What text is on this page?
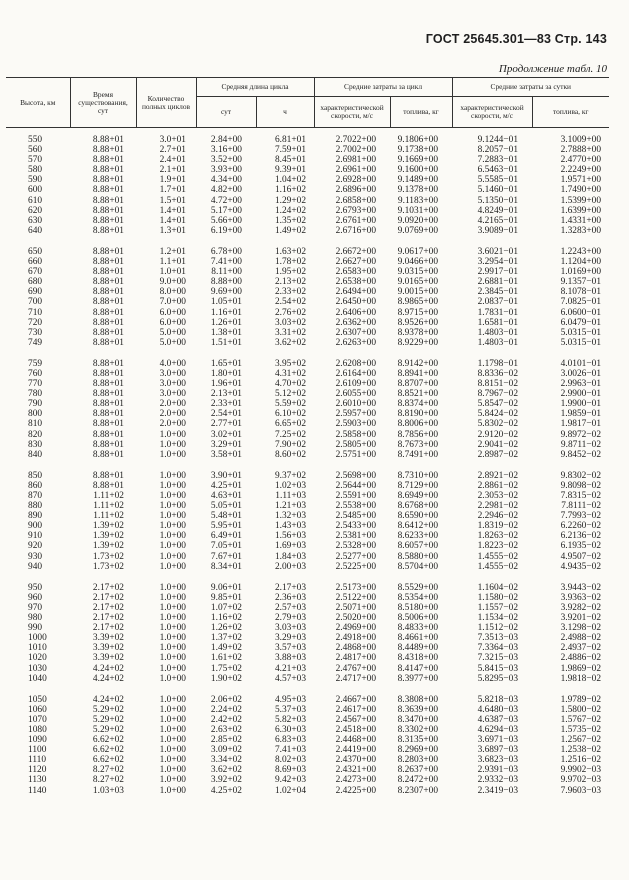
ГОСТ 25645.301—83 Стр. 143
Продолжение табл. 10
Высота, км	Время существования, сут	Количество полных циклов	Средняя длина цикла		Средние затраты за цикл		Средние затраты за сутки	
			сут	ч	характеристической скорости, м/с	топлива, кг	характеристической скорости, м/с	топлива, кг

550	8.88+01	3.0+01	2.84+00	6.81+01	2.7022+00	9.1806+00	9.1244−01	3.1009+00
560	8.88+01	2.7+01	3.16+00	7.59+01	2.7002+00	9.1738+00	8.2057−01	2.7888+00
570	8.88+01	2.4+01	3.52+00	8.45+01	2.6981+00	9.1669+00	7.2883−01	2.4770+00
580	8.88+01	2.1+01	3.93+00	9.39+01	2.6961+00	9.1600+00	6.5463−01	2.2249+00
590	8.88+01	1.9+01	4.34+00	1.04+02	2.6928+00	9.1489+00	5.5585−01	1.9571+00
600	8.88+01	1.7+01	4.82+00	1.16+02	2.6896+00	9.1378+00	5.1460−01	1.7490+00
610	8.88+01	1.5+01	4.72+00	1.29+02	2.6858+00	9.1183+00	5.1350−01	1.5399+00
620	8.88+01	1.4+01	5.17+00	1.24+02	2.6793+00	9.1031+00	4.8249−01	1.6399+00
630	8.88+01	1.4+01	5.66+00	1.35+02	2.6761+00	9.0920+00	4.2165−01	1.4331+00
640	8.88+01	1.3+01	6.19+00	1.49+02	2.6716+00	9.0769+00	3.9089−01	1.3283+00

650	8.88+01	1.2+01	6.78+00	1.63+02	2.6672+00	9.0617+00	3.6021−01	1.2243+00
660	8.88+01	1.1+01	7.41+00	1.78+02	2.6627+00	9.0466+00	3.2954−01	1.1204+00
670	8.88+01	1.0+01	8.11+00	1.95+02	2.6583+00	9.0315+00	2.9917−01	1.0169+00
680	8.88+01	9.0+00	8.88+00	2.13+02	2.6538+00	9.0165+00	2.6881−01	9.1357−01
690	8.88+01	8.0+00	9.69+00	2.33+02	2.6494+00	9.0015+00	2.3845−01	8.1078−01
700	8.88+01	7.0+00	1.05+01	2.54+02	2.6450+00	8.9865+00	2.0837−01	7.0825−01
710	8.88+01	6.0+00	1.16+01	2.76+02	2.6406+00	8.9715+00	1.7831−01	6.0600−01
720	8.88+01	6.0+00	1.26+01	3.03+02	2.6362+00	8.9526+00	1.6581−01	6.0479−01
730	8.88+01	5.0+00	1.38+01	3.31+02	2.6307+00	8.9378+00	1.4803−01	5.0315−01
749	8.88+01	5.0+00	1.51+01	3.62+02	2.6263+00	8.9229+00	1.4803−01	5.0315−01

759	8.88+01	4.0+00	1.65+01	3.95+02	2.6208+00	8.9142+00	1.1798−01	4.0101−01
760	8.88+01	3.0+00	1.80+01	4.31+02	2.6164+00	8.8941+00	8.8336−02	3.0026−01
770	8.88+01	3.0+00	1.96+01	4.70+02	2.6109+00	8.8707+00	8.8151−02	2.9963−01
780	8.88+01	3.0+00	2.13+01	5.12+02	2.6055+00	8.8521+00	8.7967−02	2.9900−01
790	8.88+01	2.0+00	2.33+01	5.59+02	2.6010+00	8.8374+00	5.8547−02	1.9900−01
800	8.88+01	2.0+00	2.54+01	6.10+02	2.5957+00	8.8190+00	5.8424−02	1.9859−01
810	8.88+01	2.0+00	2.77+01	6.65+02	2.5903+00	8.8006+00	5.8302−02	1.9817−01
820	8.88+01	1.0+00	3.02+01	7.25+02	2.5858+00	8.7856+00	2.9120−02	9.8972−02
830	8.88+01	1.0+00	3.29+01	7.90+02	2.5805+00	8.7673+00	2.9041−02	9.8711−02
840	8.88+01	1.0+00	3.58+01	8.60+02	2.5751+00	8.7491+00	2.8987−02	9.8452−02

850	8.88+01	1.0+00	3.90+01	9.37+02	2.5698+00	8.7310+00	2.8921−02	9.8302−02
860	8.88+01	1.0+00	4.25+01	1.02+03	2.5644+00	8.7129+00	2.8861−02	9.8098−02
870	1.11+02	1.0+00	4.63+01	1.11+03	2.5591+00	8.6949+00	2.3053−02	7.8315−02
880	1.11+02	1.0+00	5.05+01	1.21+03	2.5538+00	8.6768+00	2.2981−02	7.8111−02
890	1.11+02	1.0+00	5.48+01	1.32+03	2.5485+00	8.6590+00	2.2946−02	7.7993−02
900	1.39+02	1.0+00	5.95+01	1.43+03	2.5433+00	8.6412+00	1.8319−02	6.2260−02
910	1.39+02	1.0+00	6.49+01	1.56+03	2.5381+00	8.6233+00	1.8263−02	6.2136−02
920	1.39+02	1.0+00	7.05+01	1.69+03	2.5328+00	8.6057+00	1.8223−02	6.1935−02
930	1.73+02	1.0+00	7.67+01	1.84+03	2.5277+00	8.5880+00	1.4555−02	4.9507−02
940	1.73+02	1.0+00	8.34+01	2.00+03	2.5225+00	8.5704+00	1.4555−02	4.9435−02

950	2.17+02	1.0+00	9.06+01	2.17+03	2.5173+00	8.5529+00	1.1604−02	3.9443−02
960	2.17+02	1.0+00	9.85+01	2.36+03	2.5122+00	8.5354+00	1.1580−02	3.9363−02
970	2.17+02	1.0+00	1.07+02	2.57+03	2.5071+00	8.5180+00	1.1557−02	3.9282−02
980	2.17+02	1.0+00	1.16+02	2.79+03	2.5020+00	8.5006+00	1.1534−02	3.9201−02
990	2.17+02	1.0+00	1.26+02	3.03+03	2.4969+00	8.4833+00	1.1512−02	3.1298−02
1000	3.39+02	1.0+00	1.37+02	3.29+03	2.4918+00	8.4661+00	7.3513−03	2.4988−02
1010	3.39+02	1.0+00	1.49+02	3.57+03	2.4868+00	8.4489+00	7.3364−03	2.4937−02
1020	3.39+02	1.0+00	1.61+02	3.88+03	2.4817+00	8.4318+00	7.3215−03	2.4886−02
1030	4.24+02	1.0+00	1.75+02	4.21+03	2.4767+00	8.4147+00	5.8415−03	1.9869−02
1040	4.24+02	1.0+00	1.90+02	4.57+03	2.4717+00	8.3977+00	5.8295−03	1.9818−02

1050	4.24+02	1.0+00	2.06+02	4.95+03	2.4667+00	8.3808+00	5.8218−03	1.9789−02
1060	5.29+02	1.0+00	2.24+02	5.37+03	2.4617+00	8.3639+00	4.6480−03	1.5800−02
1070	5.29+02	1.0+00	2.42+02	5.82+03	2.4567+00	8.3470+00	4.6387−03	1.5767−02
1080	5.29+02	1.0+00	2.63+02	6.30+03	2.4518+00	8.3302+00	4.6294−03	1.5735−02
1090	6.62+02	1.0+00	2.85+02	6.83+03	2.4468+00	8.3135+00	3.6971−03	1.2567−02
1100	6.62+02	1.0+00	3.09+02	7.41+03	2.4419+00	8.2969+00	3.6897−03	1.2538−02
1110	6.62+02	1.0+00	3.34+02	8.02+03	2.4370+00	8.2803+00	3.6823−03	1.2516−02
1120	8.27+02	1.0+00	3.62+02	8.69+03	2.4321+00	8.2637+00	2.9391−03	9.9902−03
1130	8.27+02	1.0+00	3.92+02	9.42+03	2.4273+00	8.2472+00	2.9332−03	9.9702−03
1140	1.03+03	1.0+00	4.25+02	1.02+04	2.4225+00	8.2307+00	2.3419−03	7.9603−03
